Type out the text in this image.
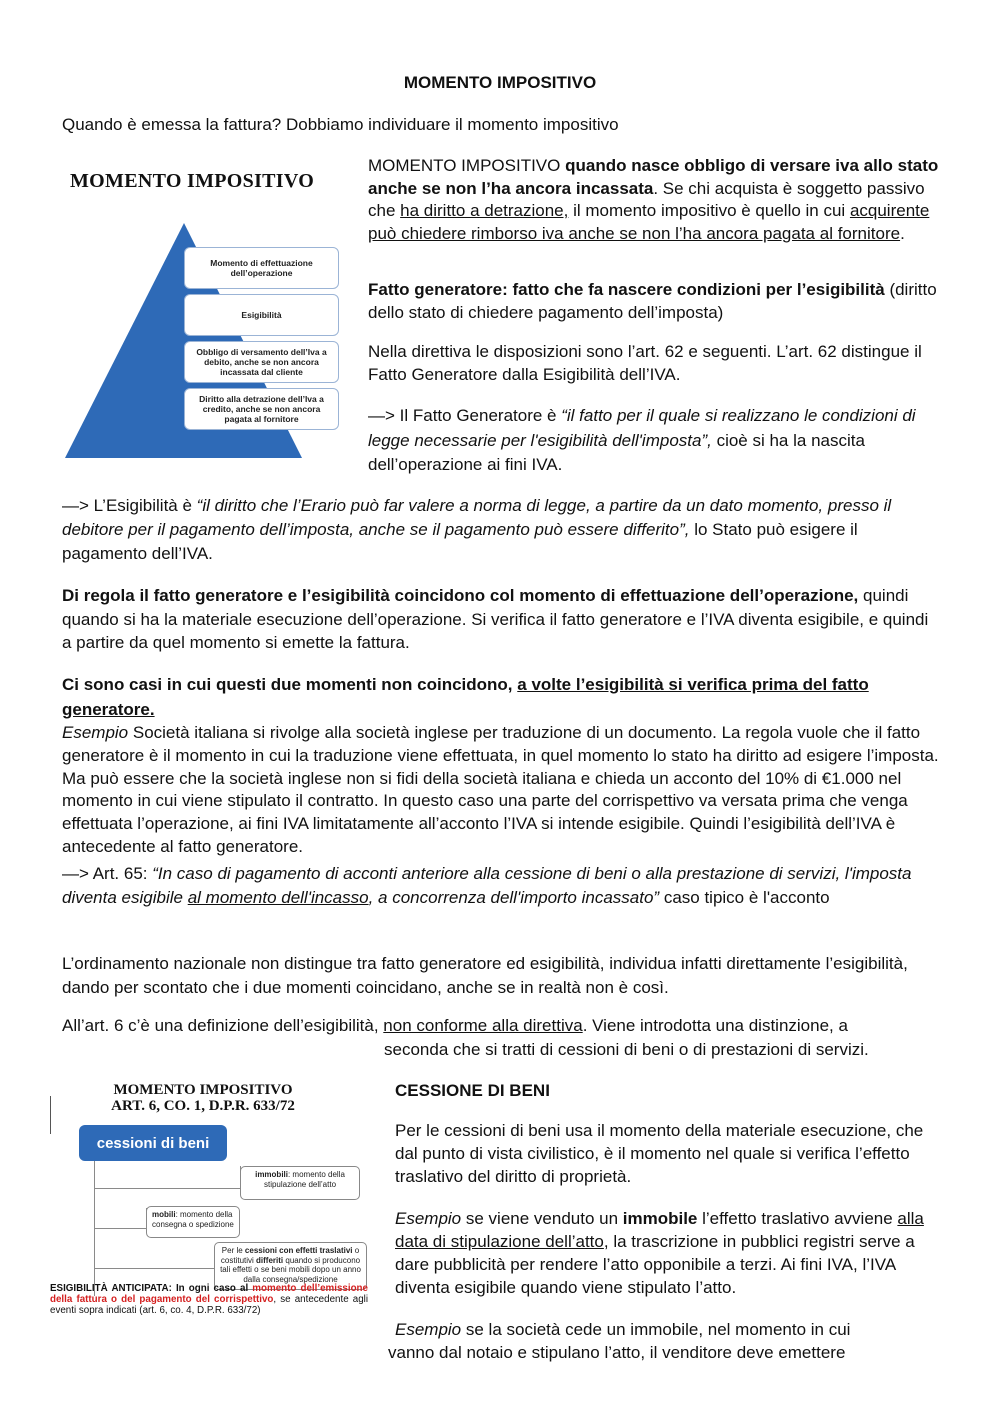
MOMENTO IMPOSITIVO
Quando è emessa la fattura? Dobbiamo individuare il momento impositivo
MOMENTO IMPOSITIVO
Momento di effettuazione dell’operazione
Esigibilità
Obbligo di versamento dell’Iva a debito, anche se non ancora incassata dal cliente
Diritto alla detrazione dell’Iva a credito, anche se non ancora pagata al fornitore
MOMENTO IMPOSITIVO quando nasce obbligo di versare iva allo stato anche se non l’ha ancora incassata. Se chi acquista è soggetto passivo che ha diritto a detrazione, il momento impositivo è quello in cui acquirente può chiedere rimborso iva anche se non l’ha ancora pagata al fornitore.
Fatto generatore: fatto che fa nascere condizioni per l’esigibilità (diritto dello stato di chiedere pagamento dell’imposta)
Nella direttiva le disposizioni sono l’art. 62 e seguenti. L’art. 62 distingue il Fatto Generatore dalla Esigibilità dell’IVA.
—> Il Fatto Generatore è “il fatto per il quale si realizzano le condizioni di legge necessarie per l'esigibilità dell'imposta”, cioè si ha la nascita dell’operazione ai fini IVA.
—> L’Esigibilità è “il diritto che l’Erario può far valere a norma di legge, a partire da un dato momento, presso il debitore per il pagamento dell’imposta, anche se il pagamento può essere differito”, lo Stato può esigere il pagamento dell’IVA.
Di regola il fatto generatore e l’esigibilità coincidono col momento di effettuazione dell’operazione, quindi quando si ha la materiale esecuzione dell’operazione. Si verifica il fatto generatore e l’IVA diventa esigibile, e quindi a partire da quel momento si emette la fattura.
Ci sono casi in cui questi due momenti non coincidono, a volte l’esigibilità si verifica prima del fatto generatore.
Esempio Società italiana si rivolge alla società inglese per traduzione di un documento. La regola vuole che il fatto generatore è il momento in cui la traduzione viene effettuata, in quel momento lo stato ha diritto ad esigere l’imposta. Ma può essere che la società inglese non si fidi della società italiana e chieda un acconto del 10% di €1.000 nel momento in cui viene stipulato il contratto. In questo caso una parte del corrispettivo va versata prima che venga effettuata l’operazione, ai fini IVA limitatamente all’acconto l’IVA si intende esigibile. Quindi l’esigibilità dell’IVA è antecedente al fatto generatore.
—> Art. 65: “In caso di pagamento di acconti anteriore alla cessione di beni o alla prestazione di servizi, l'imposta diventa esigibile al momento dell'incasso, a concorrenza dell'importo incassato” caso tipico è l'acconto
L’ordinamento nazionale non distingue tra fatto generatore ed esigibilità, individua infatti direttamente l’esigibilità, dando per scontato che i due momenti coincidano, anche se in realtà non è così.
All’art. 6 c’è una definizione dell’esigibilità, non conforme alla direttiva. Viene introdotta una distinzione, a
seconda che si tratti di cessioni di beni o di prestazioni di servizi.
MOMENTO IMPOSITIVO
ART. 6, CO. 1, D.P.R. 633/72
cessioni di beni
immobili: momento della stipulazione dell’atto
mobili: momento della consegna o spedizione
Per le cessioni con effetti traslativi o costitutivi differiti quando si producono tali effetti o se beni mobili dopo un anno dalla consegna/spedizione
ESIGIBILITÀ ANTICIPATA: In ogni caso al momento dell’emissione della fattura o del pagamento del corrispettivo, se antecedente agli eventi sopra indicati (art. 6, co. 4, D.P.R. 633/72)
CESSIONE DI BENI
Per le cessioni di beni usa il momento della materiale esecuzione, che dal punto di vista civilistico, è il momento nel quale si verifica l’effetto traslativo del diritto di proprietà.
Esempio se viene venduto un immobile l’effetto traslativo avviene alla data di stipulazione dell’atto, la trascrizione in pubblici registri serve a dare pubblicità per rendere l’atto opponibile a terzi. Ai fini IVA, l’IVA diventa esigibile quando viene stipulato l’atto.
Esempio se la società cede un immobile, nel momento in cui
vanno dal notaio e stipulano l’atto, il venditore deve emettere
